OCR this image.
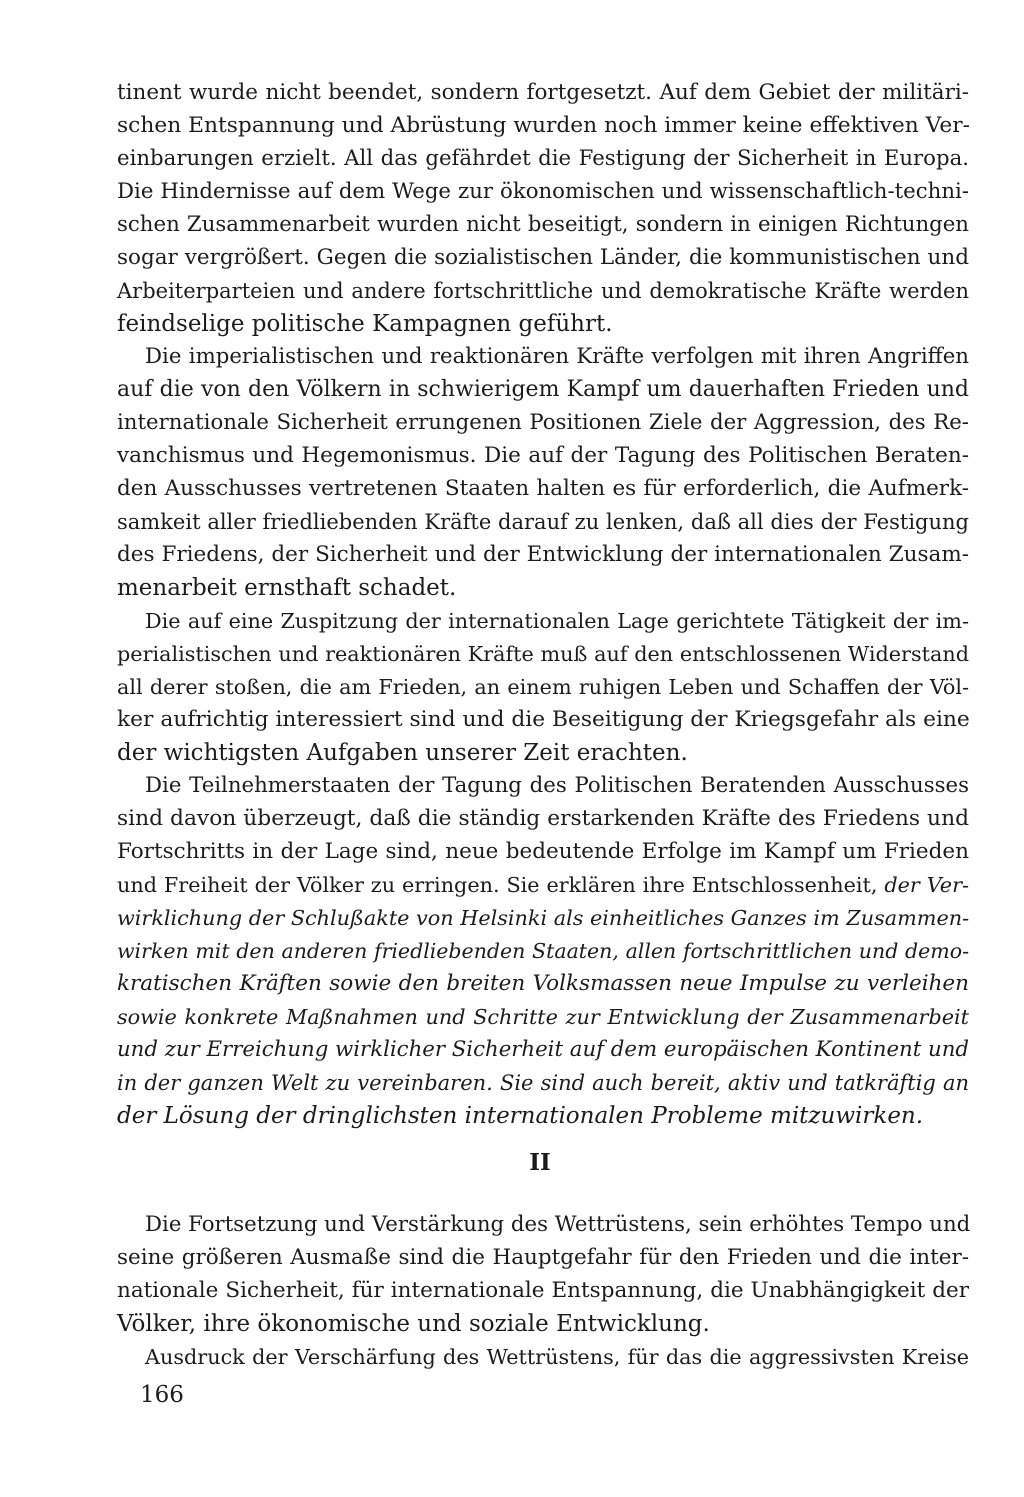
tinent wurde nicht beendet, sondern fortgesetzt. Auf dem Gebiet der militäri-
schen Entspannung und Abrüstung wurden noch immer keine effektiven Ver-
einbarungen erzielt. All das gefährdet die Festigung der Sicherheit in Europa.
Die Hindernisse auf dem Wege zur ökonomischen und wissenschaftlich-techni-
schen Zusammenarbeit wurden nicht beseitigt, sondern in einigen Richtungen
sogar vergrößert. Gegen die sozialistischen Länder, die kommunistischen und
Arbeiterparteien und andere fortschrittliche und demokratische Kräfte werden
feindselige politische Kampagnen geführt.
Die imperialistischen und reaktionären Kräfte verfolgen mit ihren Angriffen
auf die von den Völkern in schwierigem Kampf um dauerhaften Frieden und
internationale Sicherheit errungenen Positionen Ziele der Aggression, des Re-
vanchismus und Hegemonismus. Die auf der Tagung des Politischen Beraten-
den Ausschusses vertretenen Staaten halten es für erforderlich, die Aufmerk-
samkeit aller friedliebenden Kräfte darauf zu lenken, daß all dies der Festigung
des Friedens, der Sicherheit und der Entwicklung der internationalen Zusam-
menarbeit ernsthaft schadet.
Die auf eine Zuspitzung der internationalen Lage gerichtete Tätigkeit der im-
perialistischen und reaktionären Kräfte muß auf den entschlossenen Widerstand
all derer stoßen, die am Frieden, an einem ruhigen Leben und Schaffen der Völ-
ker aufrichtig interessiert sind und die Beseitigung der Kriegsgefahr als eine
der wichtigsten Aufgaben unserer Zeit erachten.
Die Teilnehmerstaaten der Tagung des Politischen Beratenden Ausschusses
sind davon überzeugt, daß die ständig erstarkenden Kräfte des Friedens und
Fortschritts in der Lage sind, neue bedeutende Erfolge im Kampf um Frieden
und Freiheit der Völker zu erringen. Sie erklären ihre Entschlossenheit, der Ver-
wirklichung der Schlußakte von Helsinki als einheitliches Ganzes im Zusammen-
wirken mit den anderen friedliebenden Staaten, allen fortschrittlichen und demo-
kratischen Kräften sowie den breiten Volksmassen neue Impulse zu verleihen
sowie konkrete Maßnahmen und Schritte zur Entwicklung der Zusammenarbeit
und zur Erreichung wirklicher Sicherheit auf dem europäischen Kontinent und
in der ganzen Welt zu vereinbaren. Sie sind auch bereit, aktiv und tatkräftig an
der Lösung der dringlichsten internationalen Probleme mitzuwirken.
II
Die Fortsetzung und Verstärkung des Wettrüstens, sein erhöhtes Tempo und
seine größeren Ausmaße sind die Hauptgefahr für den Frieden und die inter-
nationale Sicherheit, für internationale Entspannung, die Unabhängigkeit der
Völker, ihre ökonomische und soziale Entwicklung.
Ausdruck der Verschärfung des Wettrüstens, für das die aggressivsten Kreise
166
